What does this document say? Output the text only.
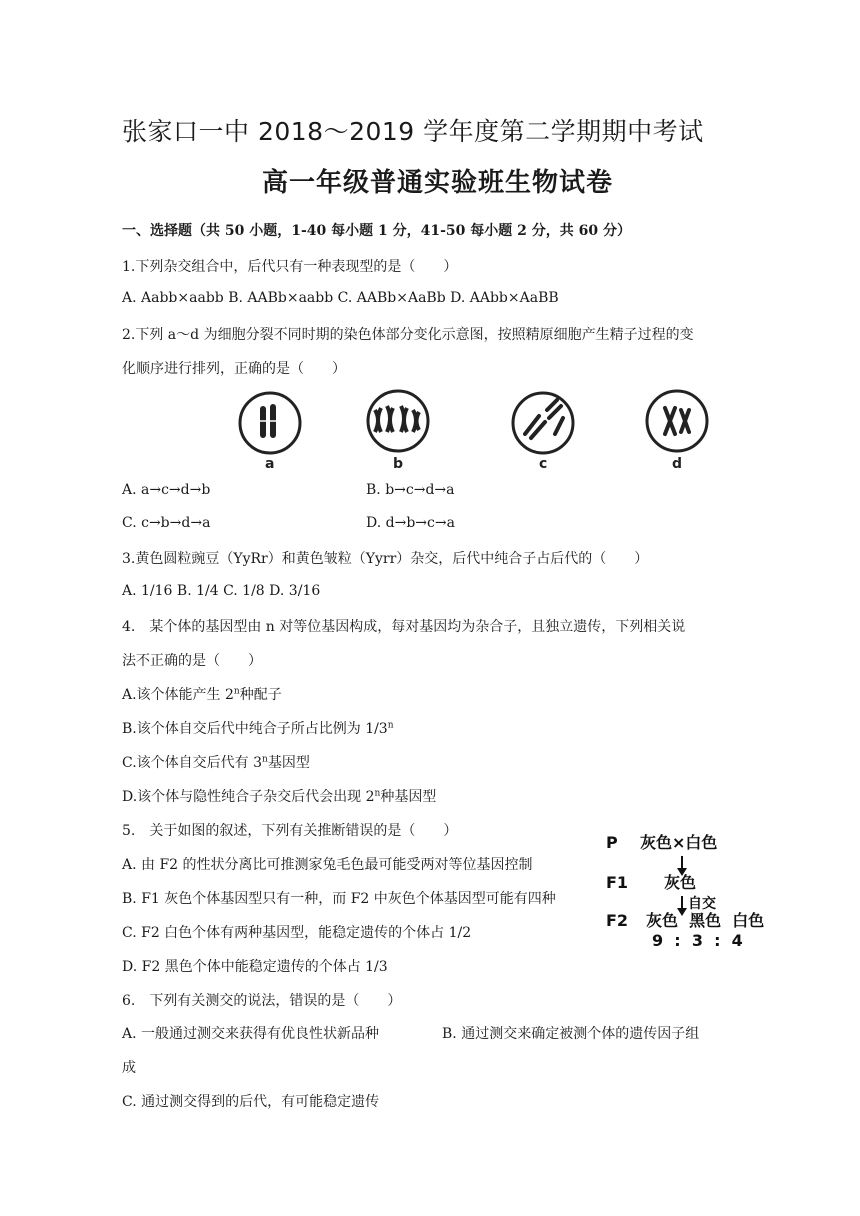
张家口一中 2018～2019 学年度第二学期期中考试
高一年级普通实验班生物试卷
一、选择题（共 50 小题，1-40 每小题 1 分，41-50 每小题 2 分，共 60 分）
1.下列杂交组合中，后代只有一种表现型的是（　　）
A. Aabb×aabb B. AABb×aabb C. AABb×AaBb D. AAbb×AaBB
2.下列 a～d 为细胞分裂不同时期的染色体部分变化示意图，按照精原细胞产生精子过程的变
化顺序进行排列，正确的是（　　）
a	b	c	d
A. a→c→d→b	B. b→c→d→a
C. c→b→d→a	D. d→b→c→a
3.黄色圆粒豌豆（YyRr）和黄色皱粒（Yyrr）杂交，后代中纯合子占后代的（　　）
A. 1/16 B. 1/4 C. 1/8 D. 3/16
4.　某个体的基因型由 n 对等位基因构成，每对基因均为杂合子，且独立遗传，下列相关说
法不正确的是（　　）
A.该个体能产生 2$^n$种配子
B.该个体自交后代中纯合子所占比例为 1/3$^n$
C.该个体自交后代有 3$^n$基因型
D.该个体与隐性纯合子杂交后代会出现 2$^n$种基因型
5.　关于如图的叙述，下列有关推断错误的是（　　）
A. 由 F2 的性状分离比可推测家兔毛色最可能受两对等位基因控制
B. F1 灰色个体基因型只有一种，而 F2 中灰色个体基因型可能有四种
C. F2 白色个体有两种基因型，能稳定遗传的个体占 1/2
D. F2 黑色个体中能稳定遗传的个体占 1/3
P 灰色×白色
F1 灰色
自交
F2 灰色  黑色  白色
9  :  3  :  4
6.　下列有关测交的说法，错误的是（　　）
A. 一般通过测交来获得有优良性状新品种	B. 通过测交来确定被测个体的遗传因子组
成
C. 通过测交得到的后代，有可能稳定遗传
